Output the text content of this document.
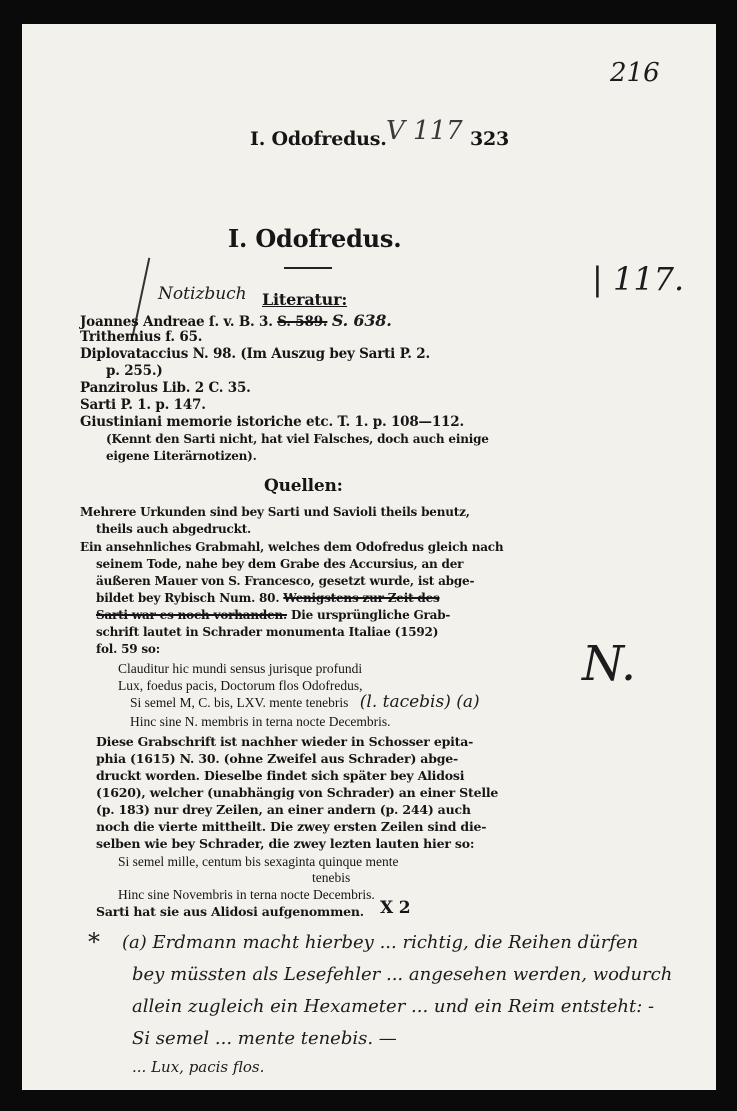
216
I. Odofredus. V 117 323
I. Odofredus.
| 117.
Notizbuch Literatur:
Joannes Andreae ſ. v. B. 3. S. 589. S. 638.
Trithemius f. 65.
Diplovataccius N. 98. (Im Auszug bey Sarti P. 2.
p. 255.)
Panzirolus Lib. 2 C. 35.
Sarti P. 1. p. 147.
Giustiniani memorie istoriche etc. T. 1. p. 108—112.
(Kennt den Sarti nicht, hat viel Falsches, doch auch einige
eigene Literärnotizen).
Quellen:
Mehrere Urkunden sind bey Sarti und Savioli theils benutz,
theils auch abgedruckt.
Ein ansehnliches Grabmahl, welches dem Odofredus gleich nach
seinem Tode, nahe bey dem Grabe des Accursius, an der
äußeren Mauer von S. Francesco, gesetzt wurde, ist abge-
bildet bey Rybisch Num. 80. Wenigstens zur Zeit des
Sarti war es noch vorhanden. Die ursprüngliche Grab-
schrift lautet in Schrader monumenta Italiae (1592)
fol. 59 so:	N.
Clauditur hic mundi sensus jurisque profundi
Lux, foedus pacis, Doctorum flos Odofredus,
Si semel M, C. bis, LXV. mente tenebris (l. tacebis) (a)
Hinc sine N. membris in terna nocte Decembris.
Diese Grabschrift ist nachher wieder in Schosser epita-
phia (1615) N. 30. (ohne Zweifel aus Schrader) abge-
druckt worden. Dieselbe findet sich später bey Alidosi
(1620), welcher (unabhängig von Schrader) an einer Stelle
(p. 183) nur drey Zeilen, an einer andern (p. 244) auch
noch die vierte mittheilt. Die zwey ersten Zeilen sind die-
selben wie bey Schrader, die zwey lezten lauten hier so:
Si semel mille, centum bis sexaginta quinque mente
tenebis
Hinc sine Novembris in terna nocte Decembris.
Sarti hat sie aus Alidosi aufgenommen. X 2
* (a) Erdmann macht hierbey ... richtig, die Reihen dürfen
bey müssten als Lesefehler ... angesehen werden, wodurch
allein zugleich ein Hexameter ... und ein Reim entsteht: -
Si semel ... mente tenebis. —
... Lux, pacis flos.
